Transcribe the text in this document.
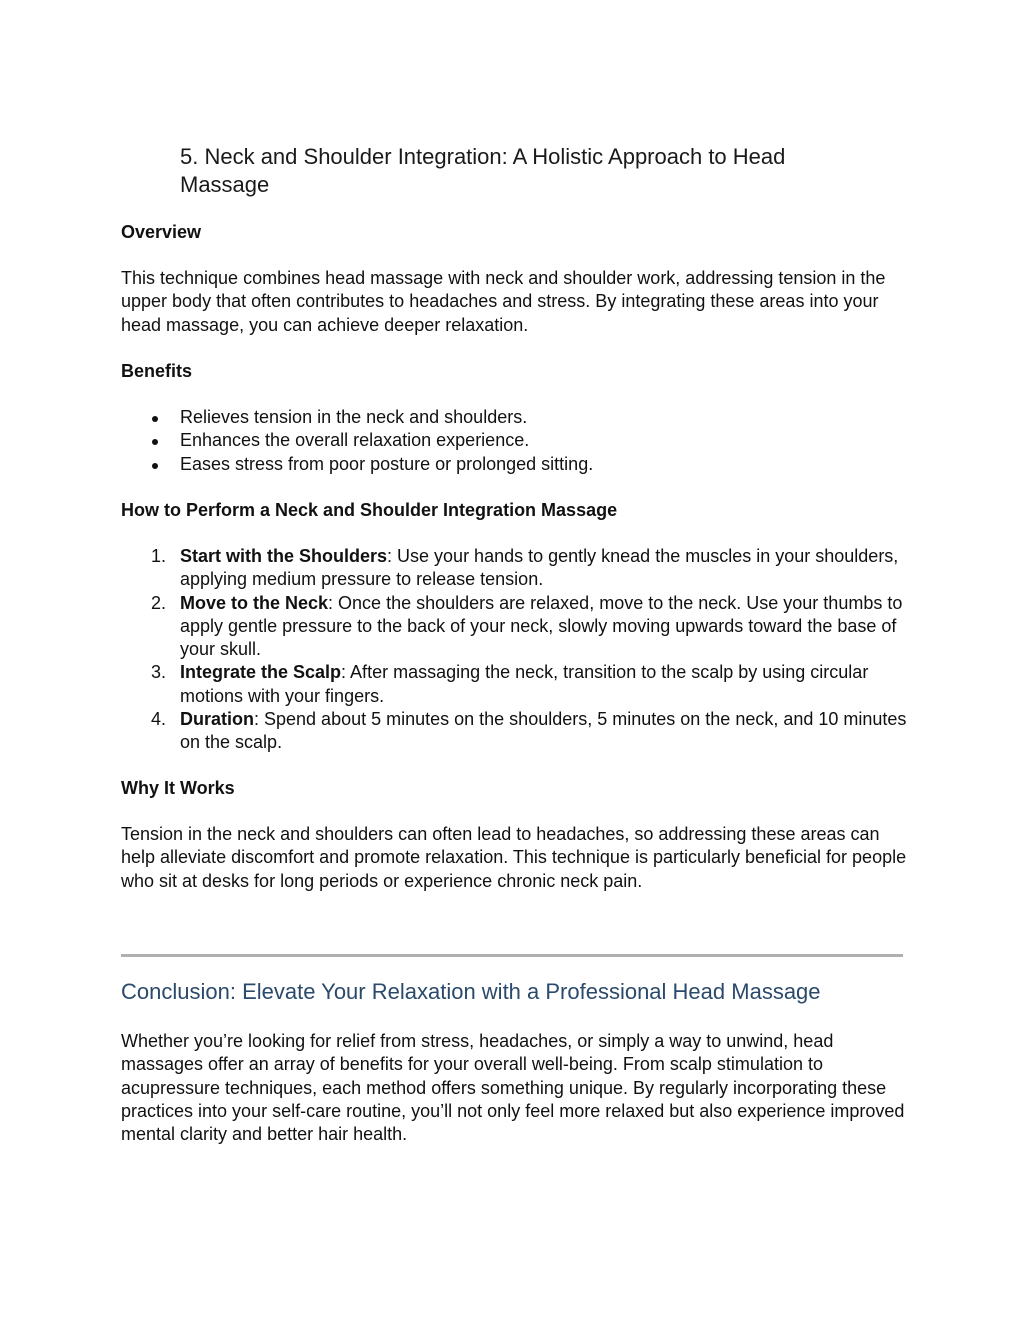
5. Neck and Shoulder Integration: A Holistic Approach to Head Massage
Overview

This technique combines head massage with neck and shoulder work, addressing tension in the upper body that often contributes to headaches and stress. By integrating these areas into your head massage, you can achieve deeper relaxation.

Benefits
Relieves tension in the neck and shoulders.
Enhances the overall relaxation experience.
Eases stress from poor posture or prolonged sitting.
How to Perform a Neck and Shoulder Integration Massage
1. Start with the Shoulders: Use your hands to gently knead the muscles in your shoulders, applying medium pressure to release tension.
2. Move to the Neck: Once the shoulders are relaxed, move to the neck. Use your thumbs to apply gentle pressure to the back of your neck, slowly moving upwards toward the base of your skull.
3. Integrate the Scalp: After massaging the neck, transition to the scalp by using circular motions with your fingers.
4. Duration: Spend about 5 minutes on the shoulders, 5 minutes on the neck, and 10 minutes on the scalp.
Why It Works

Tension in the neck and shoulders can often lead to headaches, so addressing these areas can help alleviate discomfort and promote relaxation. This technique is particularly beneficial for people who sit at desks for long periods or experience chronic neck pain.

Conclusion: Elevate Your Relaxation with a Professional Head Massage

Whether you’re looking for relief from stress, headaches, or simply a way to unwind, head massages offer an array of benefits for your overall well-being. From scalp stimulation to acupressure techniques, each method offers something unique. By regularly incorporating these practices into your self-care routine, you’ll not only feel more relaxed but also experience improved mental clarity and better hair health.
